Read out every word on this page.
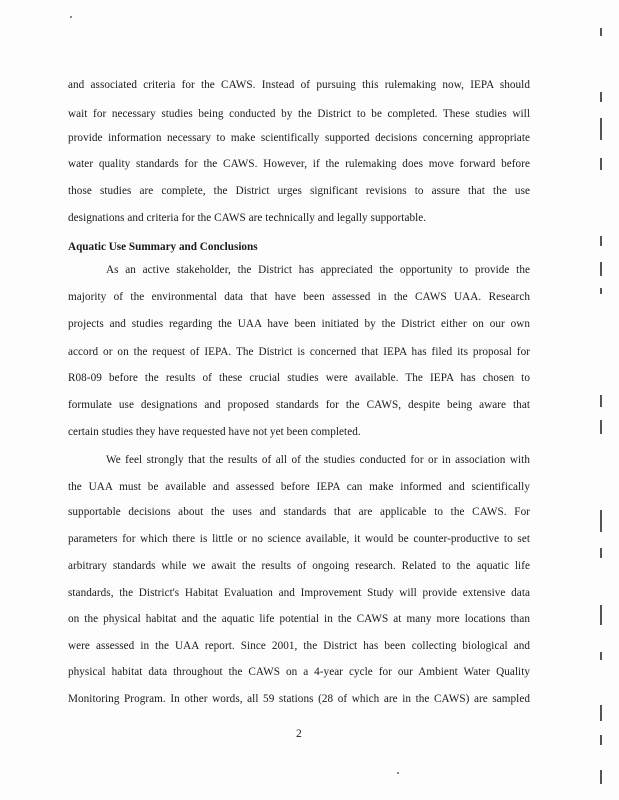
and associated criteria for the CAWS. Instead of pursuing this rulemaking now, IEPA should
wait for necessary studies being conducted by the District to be completed. These studies will
provide information necessary to make scientifically supported decisions concerning appropriate
water quality standards for the CAWS. However, if the rulemaking does move forward before
those studies are complete, the District urges significant revisions to assure that the use
designations and criteria for the CAWS are technically and legally supportable.
Aquatic Use Summary and Conclusions
As an active stakeholder, the District has appreciated the opportunity to provide the
majority of the environmental data that have been assessed in the CAWS UAA. Research
projects and studies regarding the UAA have been initiated by the District either on our own
accord or on the request of IEPA. The District is concerned that IEPA has filed its proposal for
R08-09 before the results of these crucial studies were available. The IEPA has chosen to
formulate use designations and proposed standards for the CAWS, despite being aware that
certain studies they have requested have not yet been completed.
We feel strongly that the results of all of the studies conducted for or in association with
the UAA must be available and assessed before IEPA can make informed and scientifically
supportable decisions about the uses and standards that are applicable to the CAWS. For
parameters for which there is little or no science available, it would be counter-productive to set
arbitrary standards while we await the results of ongoing research. Related to the aquatic life
standards, the District's Habitat Evaluation and Improvement Study will provide extensive data
on the physical habitat and the aquatic life potential in the CAWS at many more locations than
were assessed in the UAA report. Since 2001, the District has been collecting biological and
physical habitat data throughout the CAWS on a 4-year cycle for our Ambient Water Quality
Monitoring Program. In other words, all 59 stations (28 of which are in the CAWS) are sampled
2
